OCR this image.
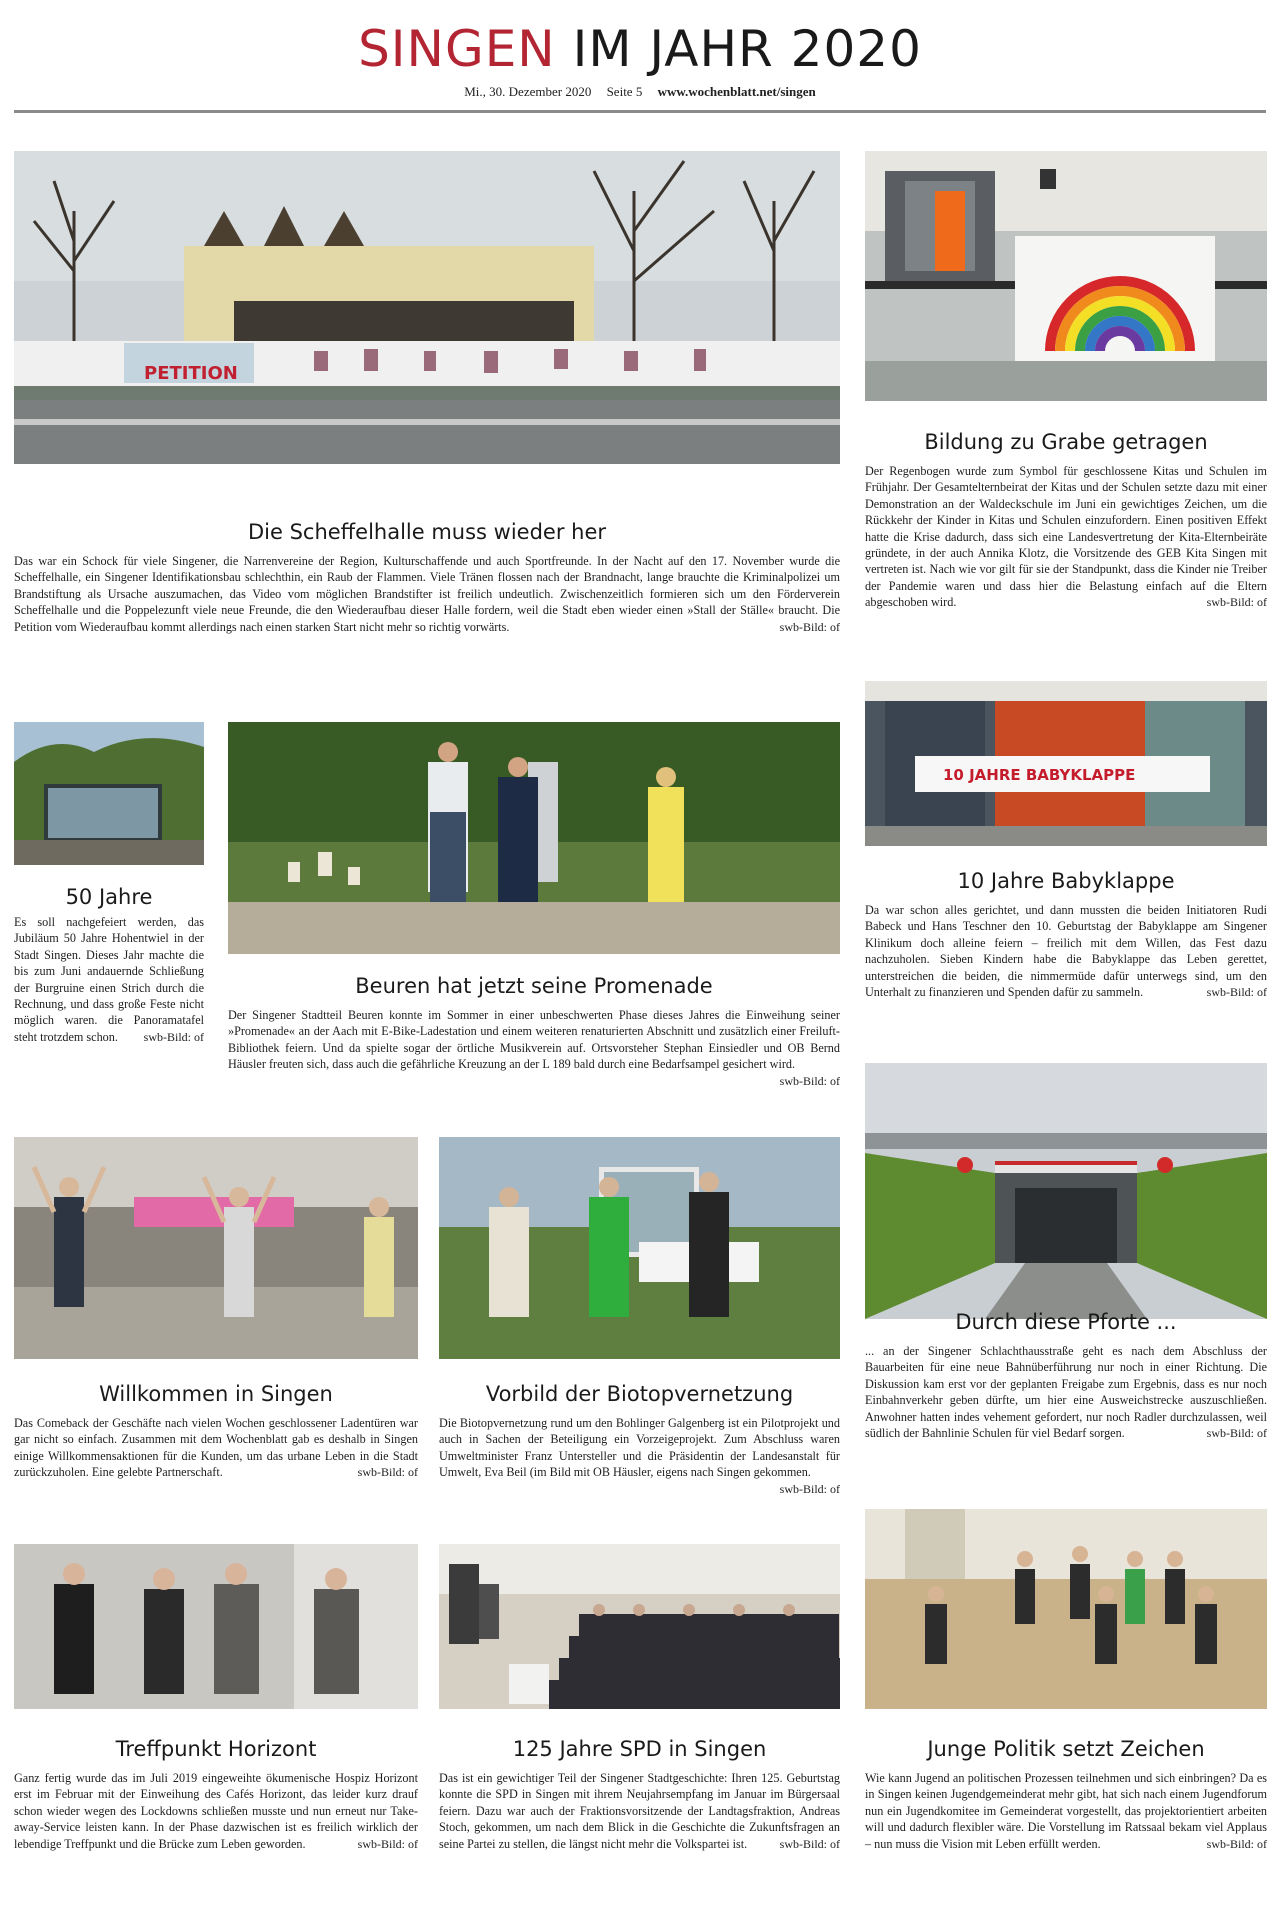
SINGEN IM JAHR 2020
Mi., 30. Dezember 2020 Seite 5 www.wochenblatt.net/singen
PETITION
Die Scheffelhalle muss wieder her
Das war ein Schock für viele Singener, die Narrenvereine der Region, Kulturschaffende und auch Sportfreunde. In der Nacht auf den 17. November wurde die Scheffelhalle, ein Singener Identifikationsbau schlechthin, ein Raub der Flammen. Viele Tränen flossen nach der Brandnacht, lange brauchte die Kriminalpolizei um Brandstiftung als Ursache auszumachen, das Video vom möglichen Brandstifter ist freilich undeutlich. Zwischenzeitlich formieren sich um den Förderverein Scheffelhalle und die Poppelezunft viele neue Freunde, die den Wiederaufbau dieser Halle fordern, weil die Stadt eben wieder einen »Stall der Ställe« braucht. Die Petition vom Wiederaufbau kommt allerdings nach einen starken Start nicht mehr so richtig vorwärts.	swb-Bild: of
Bildung zu Grabe getragen
Der Regenbogen wurde zum Symbol für geschlossene Kitas und Schulen im Frühjahr. Der Gesamtelternbeirat der Kitas und der Schulen setzte dazu mit einer Demonstration an der Waldeckschule im Juni ein gewichtiges Zeichen, um die Rückkehr der Kinder in Kitas und Schulen einzufordern. Einen positiven Effekt hatte die Krise dadurch, dass sich eine Landesvertretung der Kita-Elternbeiräte gründete, in der auch Annika Klotz, die Vorsitzende des GEB Kita Singen mit vertreten ist. Nach wie vor gilt für sie der Standpunkt, dass die Kinder nie Treiber der Pandemie waren und dass hier die Belastung einfach auf die Eltern abgeschoben wird.	swb-Bild: of
50 Jahre
Es soll nachgefeiert werden, das Jubiläum 50 Jahre Hohentwiel in der Stadt Singen. Dieses Jahr machte die bis zum Juni andauernde Schließung der Burgruine einen Strich durch die Rechnung, und dass große Feste nicht möglich waren. die Panoramatafel steht trotzdem schon. swb-Bild: of
Beuren hat jetzt seine Promenade
Der Singener Stadtteil Beuren konnte im Sommer in einer unbeschwerten Phase dieses Jahres die Einweihung seiner »Promenade« an der Aach mit E-Bike-Ladestation und einem weiteren renaturierten Abschnitt und zusätzlich einer Freiluft-Bibliothek feiern. Und da spielte sogar der örtliche Musikverein auf. Ortsvorsteher Stephan Einsiedler und OB Bernd Häusler freuten sich, dass auch die gefährliche Kreuzung an der L 189 bald durch eine Bedarfsampel gesichert wird.
swb-Bild: of
10 JAHRE BABYKLAPPE
10 Jahre Babyklappe
Da war schon alles gerichtet, und dann mussten die beiden Initiatoren Rudi Babeck und Hans Teschner den 10. Geburtstag der Babyklappe am Singener Klinikum doch alleine feiern – freilich mit dem Willen, das Fest dazu nachzuholen. Sieben Kindern habe die Babyklappe das Leben gerettet, unterstreichen die beiden, die nimmermüde dafür unterwegs sind, um den Unterhalt zu finanzieren und Spenden dafür zu sammeln.	swb-Bild: of
Durch diese Pforte ...
... an der Singener Schlachthausstraße geht es nach dem Abschluss der Bauarbeiten für eine neue Bahnüberführung nur noch in einer Richtung. Die Diskussion kam erst vor der geplanten Freigabe zum Ergebnis, dass es nur noch Einbahnverkehr geben dürfte, um hier eine Ausweichstrecke auszuschließen. Anwohner hatten indes vehement gefordert, nur noch Radler durchzulassen, weil südlich der Bahnlinie Schulen für viel Bedarf sorgen.	swb-Bild: of
Willkommen in Singen
Das Comeback der Geschäfte nach vielen Wochen geschlossener Ladentüren war gar nicht so einfach. Zusammen mit dem Wochenblatt gab es deshalb in Singen einige Willkommensaktionen für die Kunden, um das urbane Leben in die Stadt zurückzuholen. Eine gelebte Partnerschaft.	swb-Bild: of
Vorbild der Biotopvernetzung
Die Biotopvernetzung rund um den Bohlinger Galgenberg ist ein Pilotprojekt und auch in Sachen der Beteiligung ein Vorzeigeprojekt. Zum Abschluss waren Umweltminister Franz Untersteller und die Präsidentin der Landesanstalt für Umwelt, Eva Beil (im Bild mit OB Häusler, eigens nach Singen gekommen.
swb-Bild: of
Treffpunkt Horizont
Ganz fertig wurde das im Juli 2019 eingeweihte ökumenische Hospiz Horizont erst im Februar mit der Einweihung des Cafés Horizont, das leider kurz drauf schon wieder wegen des Lockdowns schließen musste und nun erneut nur Take-away-Service leisten kann. In der Phase dazwischen ist es freilich wirklich der lebendige Treffpunkt und die Brücke zum Leben geworden.	swb-Bild: of
125 Jahre SPD in Singen
Das ist ein gewichtiger Teil der Singener Stadtgeschichte: Ihren 125. Geburtstag konnte die SPD in Singen mit ihrem Neujahrsempfang im Januar im Bürgersaal feiern. Dazu war auch der Fraktionsvorsitzende der Landtagsfraktion, Andreas Stoch, gekommen, um nach dem Blick in die Geschichte die Zukunftsfragen an seine Partei zu stellen, die längst nicht mehr die Volkspartei ist.	swb-Bild: of
Junge Politik setzt Zeichen
Wie kann Jugend an politischen Prozessen teilnehmen und sich einbringen? Da es in Singen keinen Jugendgemeinderat mehr gibt, hat sich nach einem Jugendforum nun ein Jugendkomitee im Gemeinderat vorgestellt, das projektorientiert arbeiten will und dadurch flexibler wäre. Die Vorstellung im Ratssaal bekam viel Applaus – nun muss die Vision mit Leben erfüllt werden.	swb-Bild: of
